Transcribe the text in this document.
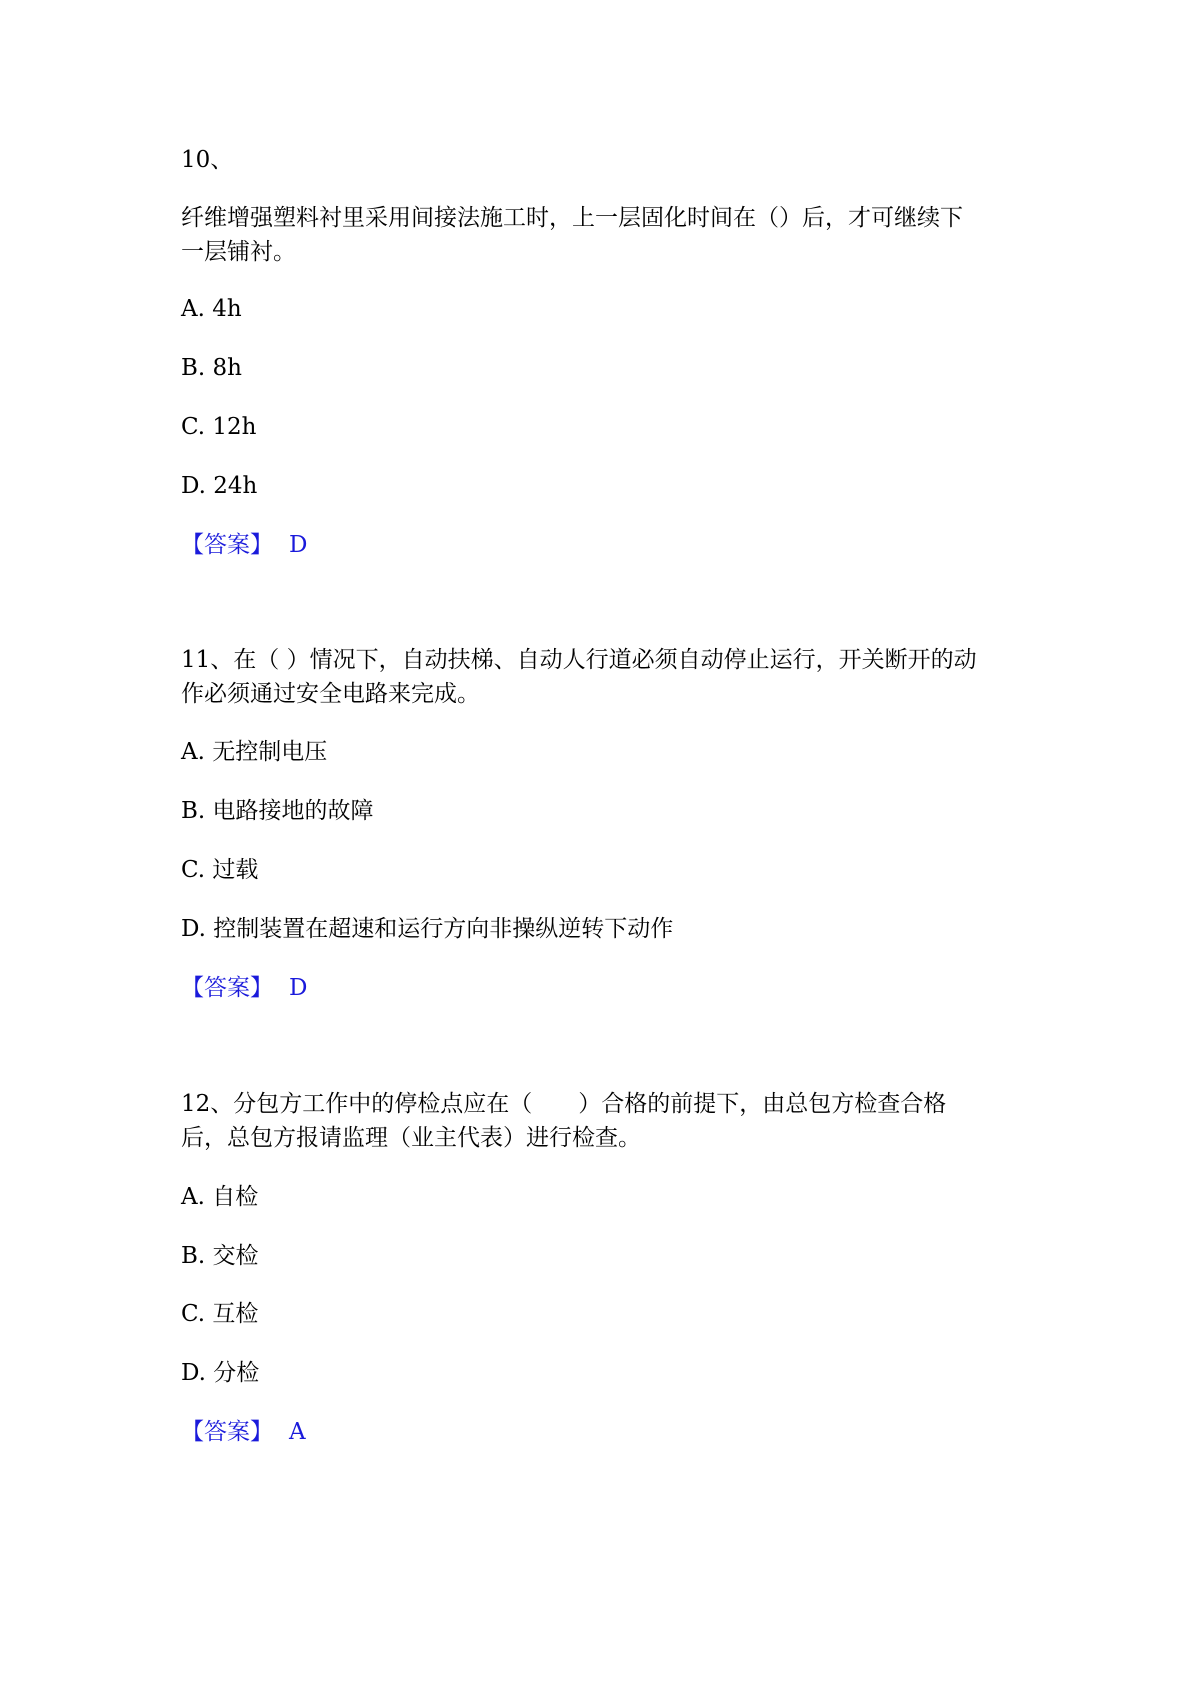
10、

纤维增强塑料衬里采用间接法施工时，上一层固化时间在（）后，才可继续下

一层铺衬。

A. 4h

B. 8h

C. 12h

D. 24h

【答案】 D

11、在（ ）情况下，自动扶梯、自动人行道必须自动停止运行，开关断开的动

作必须通过安全电路来完成。

A. 无控制电压

B. 电路接地的故障

C. 过载

D. 控制装置在超速和运行方向非操纵逆转下动作

【答案】 D

12、分包方工作中的停检点应在（　　）合格的前提下，由总包方检查合格

后，总包方报请监理（业主代表）进行检查。

A. 自检

B. 交检

C. 互检

D. 分检

【答案】 A
